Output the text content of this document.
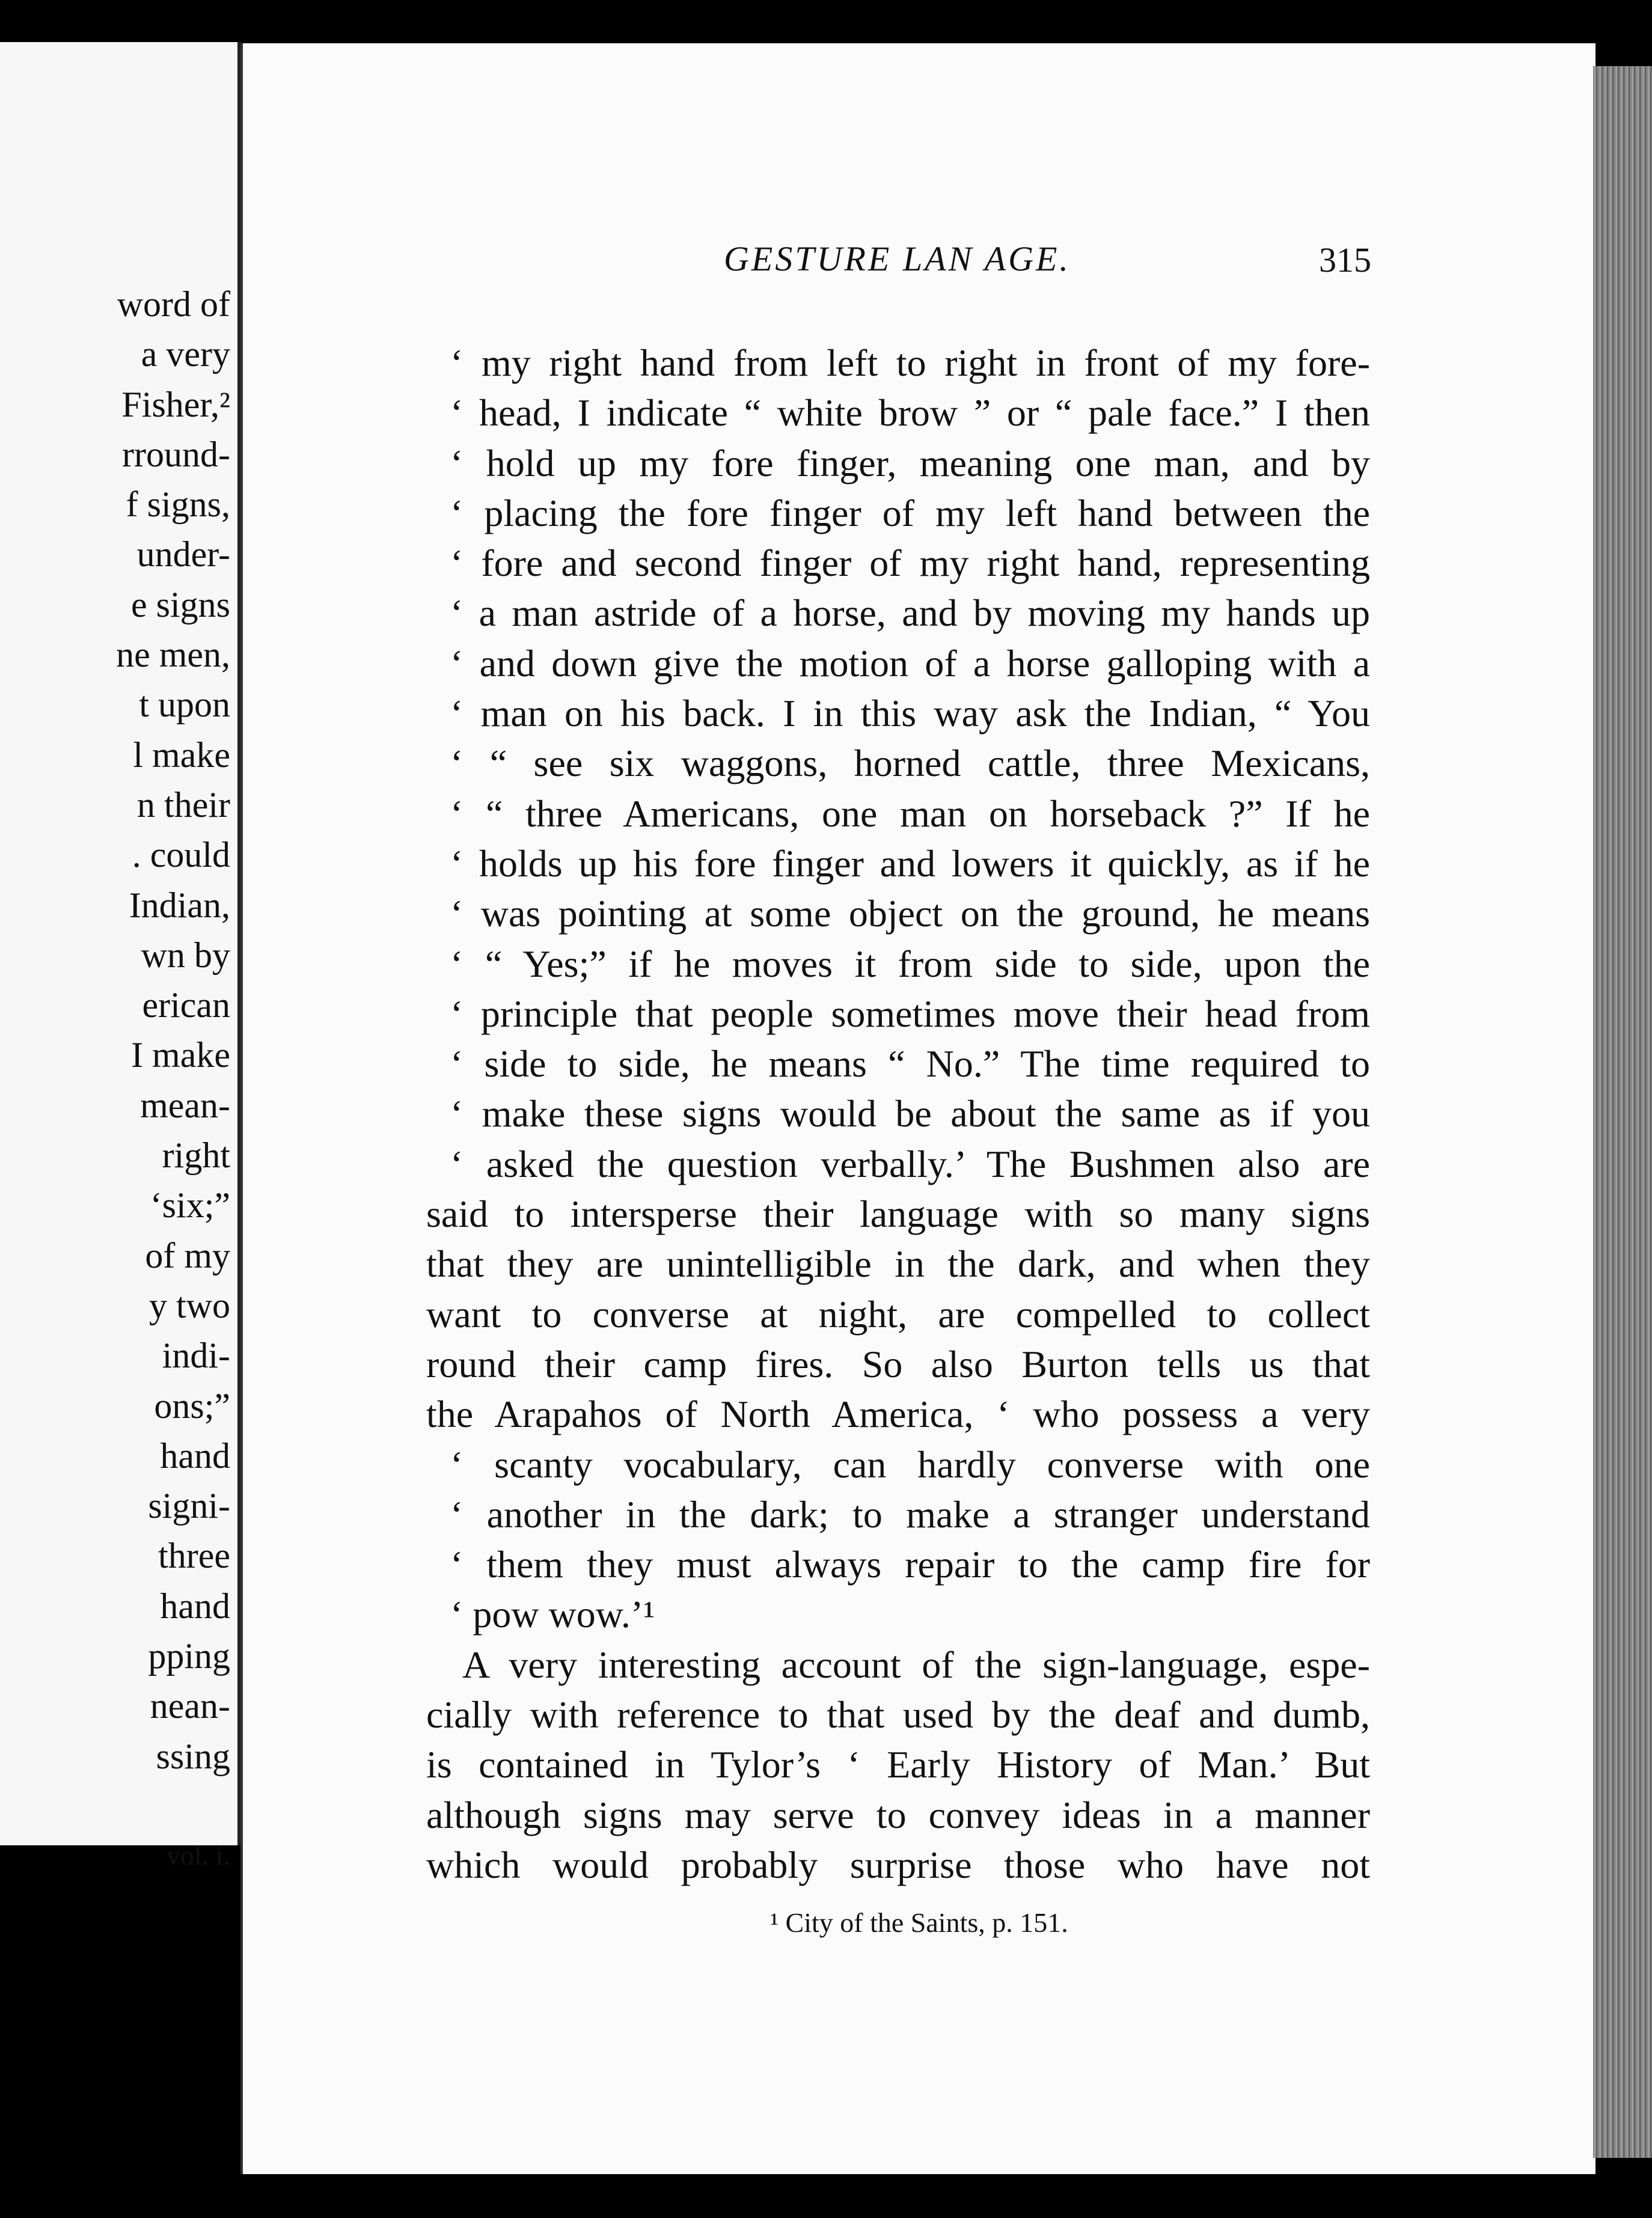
word of
a very
Fisher,²
rround-
f signs,
under-
e signs
ne men,
t upon
l make
n their
. could
Indian,
wn by
erican
I make
mean-
right
‘six;”
of my
y two
indi-
ons;”
hand
signi-
three
hand
pping
nean-
ssing
vol. i.
GESTURE LAN AGE.	315
‘ my right hand from left to right in front of my fore-
‘ head, I indicate “ white brow ” or “ pale face.” I then
‘ hold up my fore finger, meaning one man, and by
‘ placing the fore finger of my left hand between the
‘ fore and second finger of my right hand, representing
‘ a man astride of a horse, and by moving my hands up
‘ and down give the motion of a horse galloping with a
‘ man on his back. I in this way ask the Indian, “ You
‘ “ see six waggons, horned cattle, three Mexicans,
‘ “ three Americans, one man on horseback ?” If he
‘ holds up his fore finger and lowers it quickly, as if he
‘ was pointing at some object on the ground, he means
‘ “ Yes;” if he moves it from side to side, upon the
‘ principle that people sometimes move their head from
‘ side to side, he means “ No.” The time required to
‘ make these signs would be about the same as if you
‘ asked the question verbally.’ The Bushmen also are
said to intersperse their language with so many signs
that they are unintelligible in the dark, and when they
want to converse at night, are compelled to collect
round their camp fires. So also Burton tells us that
the Arapahos of North America, ‘ who possess a very
‘ scanty vocabulary, can hardly converse with one
‘ another in the dark; to make a stranger understand
‘ them they must always repair to the camp fire for
‘ pow wow.’¹
A very interesting account of the sign-language, espe-
cially with reference to that used by the deaf and dumb,
is contained in Tylor’s ‘ Early History of Man.’ But
although signs may serve to convey ideas in a manner
which would probably surprise those who have not
¹ City of the Saints, p. 151.
